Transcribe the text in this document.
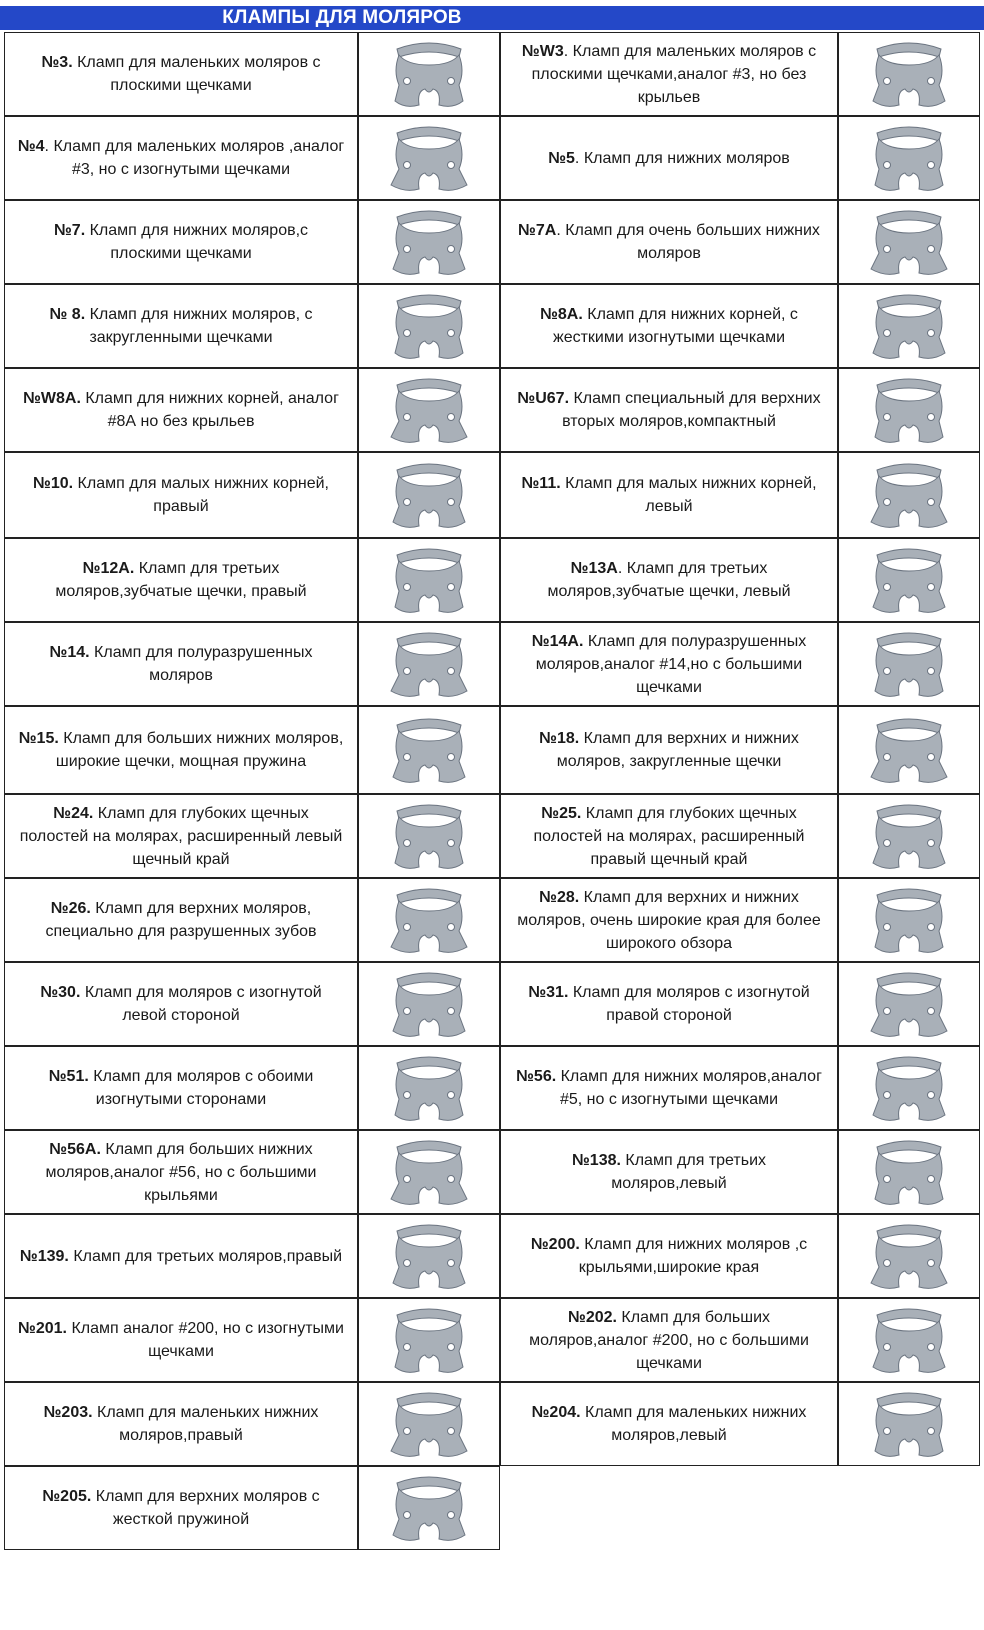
КЛАМПЫ ДЛЯ МОЛЯРОВ
№3. Кламп для маленьких моляров с плоскими щечками
№W3. Кламп для маленьких моляров с плоскими щечками,аналог #3, но без крыльев
№4. Кламп для маленьких моляров ,аналог #3, но с изогнутыми щечками
№5. Кламп для нижних моляров
№7. Кламп для нижних моляров,с плоскими щечками
№7А. Кламп для очень больших нижних моляров
№ 8. Кламп для нижних моляров, с закругленными щечками
№8А. Кламп для нижних корней, с жесткими изогнутыми щечками
№W8А. Кламп для нижних корней, аналог #8А но без крыльев
№U67. Кламп специальный для верхних вторых моляров,компактный
№10. Кламп для малых нижних корней, правый
№11. Кламп для малых нижних корней, левый
№12А. Кламп для третьих моляров,зубчатые щечки, правый
№13А. Кламп для третьих моляров,зубчатые щечки, левый
№14. Кламп для полуразрушенных моляров
№14А. Кламп для полуразрушенных моляров,аналог #14,но с большими щечками
№15. Кламп для больших нижних моляров, широкие щечки, мощная пружина
№18. Кламп для верхних и нижних моляров, закругленные щечки
№24. Кламп для глубоких щечных полостей на молярах, расширенный левый щечный край
№25. Кламп для глубоких щечных полостей на молярах, расширенный правый щечный край
№26. Кламп для верхних моляров, специально для разрушенных зубов
№28. Кламп для верхних и нижних моляров, очень широкие края для более широкого обзора
№30. Кламп для моляров с изогнутой левой стороной
№31. Кламп для моляров с изогнутой правой стороной
№51. Кламп для моляров с обоими изогнутыми сторонами
№56. Кламп для нижних моляров,аналог #5, но с изогнутыми щечками
№56А. Кламп для больших нижних моляров,аналог #56, но с большими крыльями
№138. Кламп для третьих моляров,левый
№139. Кламп для третьих моляров,правый
№200. Кламп для нижних моляров ,с крыльями,широкие края
№201. Кламп аналог #200, но с изогнутыми щечками
№202. Кламп для больших моляров,аналог #200, но с большими щечками
№203. Кламп для маленьких нижних моляров,правый
№204. Кламп для маленьких нижних моляров,левый
№205. Кламп для верхних моляров с жесткой пружиной
